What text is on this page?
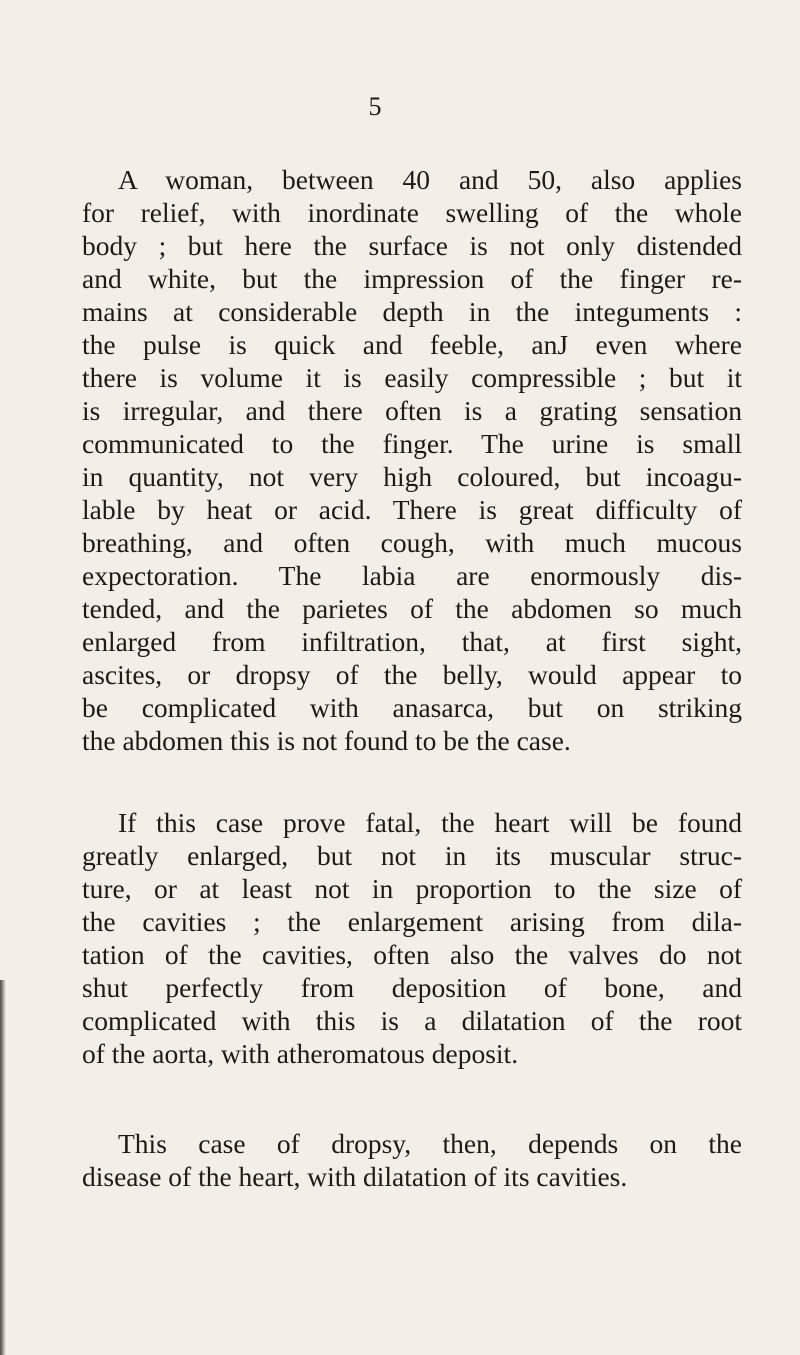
5
A woman, between 40 and 50, also applies
for relief, with inordinate swelling of the whole
body ; but here the surface is not only distended
and white, but the impression of the finger re-
mains at considerable depth in the integuments :
the pulse is quick and feeble, anJ even where
there is volume it is easily compressible ; but it
is irregular, and there often is a grating sensation
communicated to the finger. The urine is small
in quantity, not very high coloured, but incoagu-
lable by heat or acid. There is great difficulty of
breathing, and often cough, with much mucous
expectoration. The labia are enormously dis-
tended, and the parietes of the abdomen so much
enlarged from infiltration, that, at first sight,
ascites, or dropsy of the belly, would appear to
be complicated with anasarca, but on striking
the abdomen this is not found to be the case.
If this case prove fatal, the heart will be found
greatly enlarged, but not in its muscular struc-
ture, or at least not in proportion to the size of
the cavities ; the enlargement arising from dila-
tation of the cavities, often also the valves do not
shut perfectly from deposition of bone, and
complicated with this is a dilatation of the root
of the aorta, with atheromatous deposit.
This case of dropsy, then, depends on the
disease of the heart, with dilatation of its cavities.
